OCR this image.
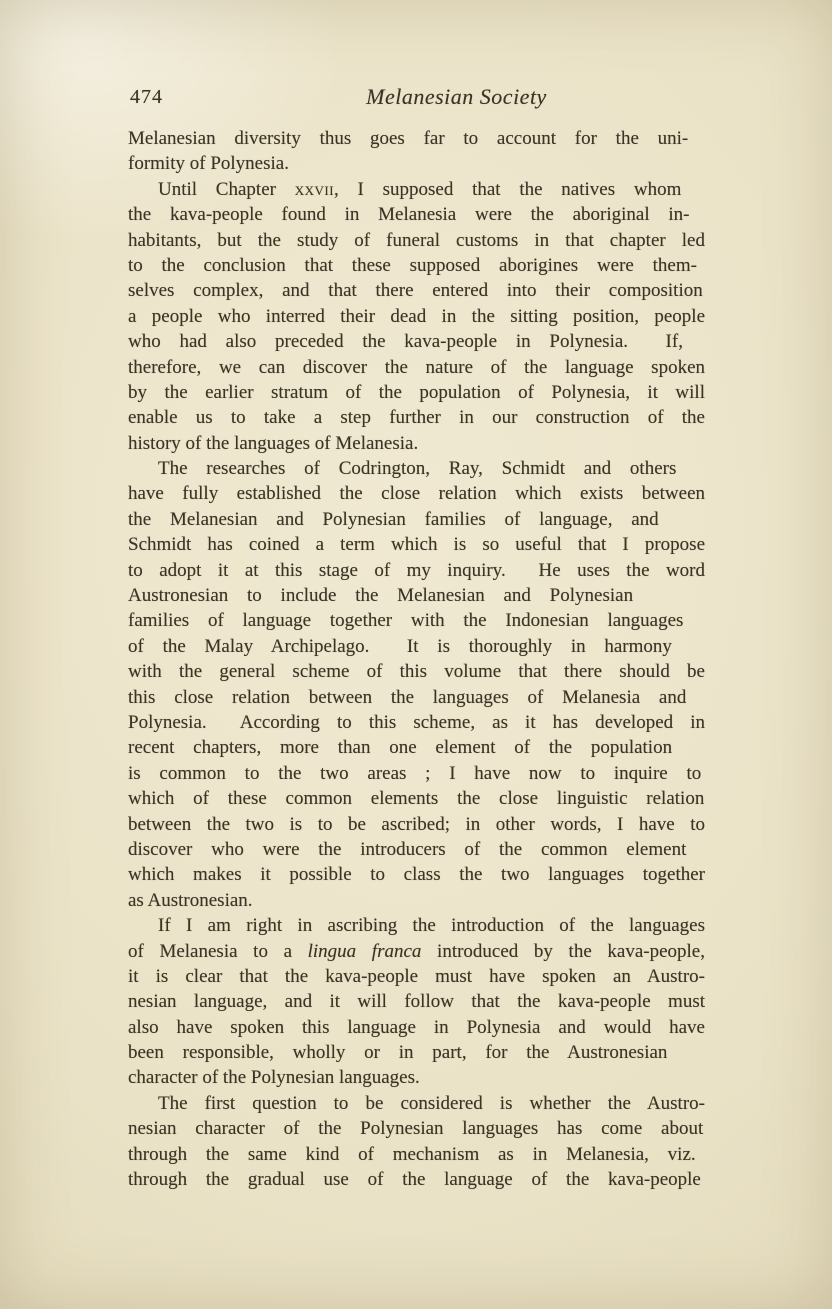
474	Melanesian Society
Melanesian diversity thus goes far to account for the uni-
formity of Polynesia.
Until Chapter xxvii, I supposed that the natives whom
the kava-people found in Melanesia were the aboriginal in-
habitants, but the study of funeral customs in that chapter led
to the conclusion that these supposed aborigines were them-
selves complex, and that there entered into their composition
a people who interred their dead in the sitting position, people
who had also preceded the kava-people in Polynesia.  If,
therefore, we can discover the nature of the language spoken
by the earlier stratum of the population of Polynesia, it will
enable us to take a step further in our construction of the
history of the languages of Melanesia.
The researches of Codrington, Ray, Schmidt and others
have fully established the close relation which exists between
the Melanesian and Polynesian families of language, and
Schmidt has coined a term which is so useful that I propose
to adopt it at this stage of my inquiry.  He uses the word
Austronesian to include the Melanesian and Polynesian
families of language together with the Indonesian languages
of the Malay Archipelago.  It is thoroughly in harmony
with the general scheme of this volume that there should be
this close relation between the languages of Melanesia and
Polynesia.  According to this scheme, as it has developed in
recent chapters, more than one element of the population
is common to the two areas ; I have now to inquire to
which of these common elements the close linguistic relation
between the two is to be ascribed; in other words, I have to
discover who were the introducers of the common element
which makes it possible to class the two languages together
as Austronesian.
If I am right in ascribing the introduction of the languages
of Melanesia to a lingua franca introduced by the kava-people,
it is clear that the kava-people must have spoken an Austro-
nesian language, and it will follow that the kava-people must
also have spoken this language in Polynesia and would have
been responsible, wholly or in part, for the Austronesian
character of the Polynesian languages.
The first question to be considered is whether the Austro-
nesian character of the Polynesian languages has come about
through the same kind of mechanism as in Melanesia, viz.
through the gradual use of the language of the kava-people
